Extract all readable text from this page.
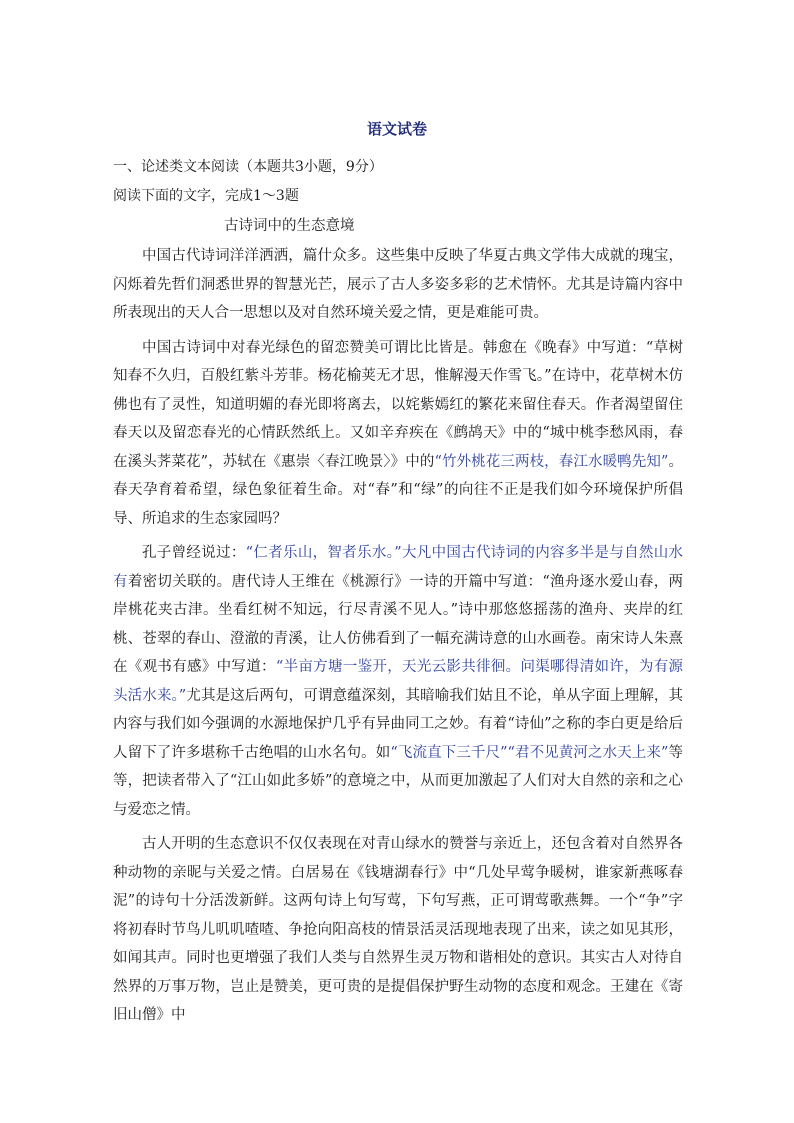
语文试卷
一、论述类文本阅读（本题共3小题，9分）
阅读下面的文字，完成1～3题
古诗词中的生态意境

中国古代诗词洋洋洒洒，篇什众多。这些集中反映了华夏古典文学伟大成就的瑰宝，闪烁着先哲们洞悉世界的智慧光芒，展示了古人多姿多彩的艺术情怀。尤其是诗篇内容中所表现出的天人合一思想以及对自然环境关爱之情，更是难能可贵。

中国古诗词中对春光绿色的留恋赞美可谓比比皆是。韩愈在《晚春》中写道：“草树知春不久归，百般红紫斗芳菲。杨花榆荚无才思，惟解漫天作雪飞。”在诗中，花草树木仿佛也有了灵性，知道明媚的春光即将离去，以姹紫嫣红的繁花来留住春天。作者渴望留住春天以及留恋春光的心情跃然纸上。又如辛弃疾在《鹧鸪天》中的“城中桃李愁风雨，春在溪头荠菜花”，苏轼在《惠崇〈春江晚景〉》中的“竹外桃花三两枝，春江水暖鸭先知”。春天孕育着希望，绿色象征着生命。对“春”和“绿”的向往不正是我们如今环境保护所倡导、所追求的生态家园吗？

孔子曾经说过：“仁者乐山，智者乐水。”大凡中国古代诗词的内容多半是与自然山水有着密切关联的。唐代诗人王维在《桃源行》一诗的开篇中写道：“渔舟逐水爱山春，两岸桃花夹古津。坐看红树不知远，行尽青溪不见人。”诗中那悠悠摇荡的渔舟、夹岸的红桃、苍翠的春山、澄澈的青溪，让人仿佛看到了一幅充满诗意的山水画卷。南宋诗人朱熹在《观书有感》中写道：“半亩方塘一鉴开，天光云影共徘徊。问渠哪得清如许，为有源头活水来。”尤其是这后两句，可谓意蕴深刻，其暗喻我们姑且不论，单从字面上理解，其内容与我们如今强调的水源地保护几乎有异曲同工之妙。有着“诗仙”之称的李白更是给后人留下了许多堪称千古绝唱的山水名句。如“飞流直下三千尺”“君不见黄河之水天上来”等等，把读者带入了“江山如此多娇”的意境之中，从而更加激起了人们对大自然的亲和之心与爱恋之情。

古人开明的生态意识不仅仅表现在对青山绿水的赞誉与亲近上，还包含着对自然界各种动物的亲昵与关爱之情。白居易在《钱塘湖春行》中“几处早莺争暖树，谁家新燕啄春泥”的诗句十分活泼新鲜。这两句诗上句写莺，下句写燕，正可谓莺歌燕舞。一个“争”字将初春时节鸟儿叽叽喳喳、争抢向阳高枝的情景活灵活现地表现了出来，读之如见其形，如闻其声。同时也更增强了我们人类与自然界生灵万物和谐相处的意识。其实古人对待自然界的万事万物，岂止是赞美，更可贵的是提倡保护野生动物的态度和观念。王建在《寄旧山僧》中
